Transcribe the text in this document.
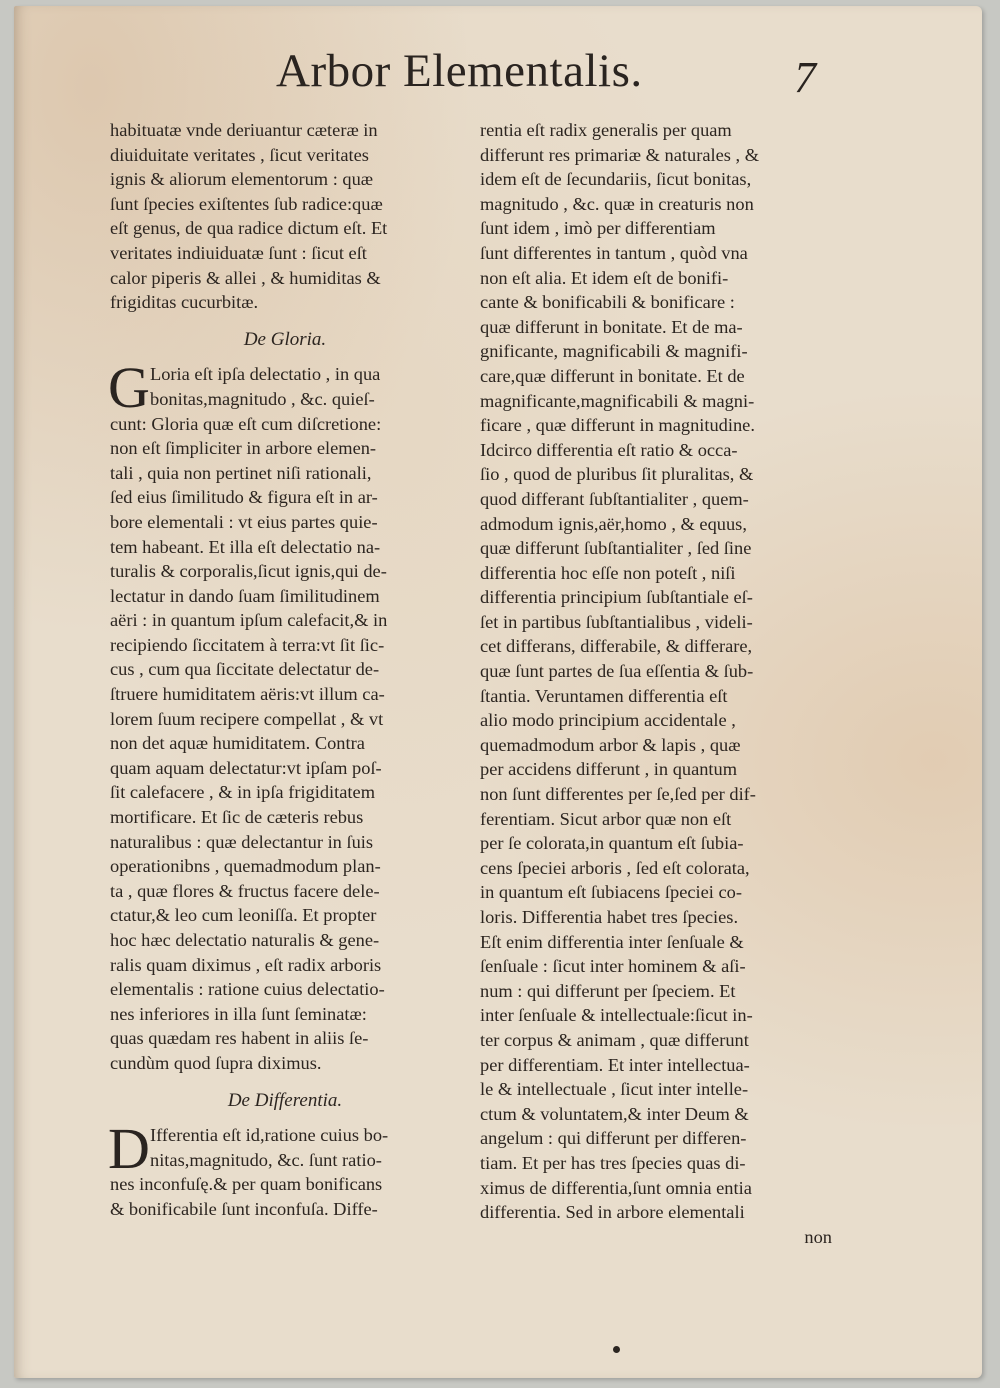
Arbor Elementalis.	7
habituatæ vnde deriuantur cæteræ in
diuiduitate veritates , ſicut veritates
ignis & aliorum elementorum : quæ
ſunt ſpecies exiſtentes ſub radice:quæ
eſt genus, de qua radice dictum eſt. Et
veritates indiuiduatæ ſunt : ſicut eſt
calor piperis & allei , & humiditas &
frigiditas cucurbitæ.
De Gloria.
G Loria eſt ipſa delectatio , in qua
bonitas,magnitudo , &c. quieſ-
cunt: Gloria quæ eſt cum diſcretione:
non eſt ſimpliciter in arbore elemen-
tali , quia non pertinet niſi rationali,
ſed eius ſimilitudo & figura eſt in ar-
bore elementali : vt eius partes quie-
tem habeant. Et illa eſt delectatio na-
turalis & corporalis,ſicut ignis,qui de-
lectatur in dando ſuam ſimilitudinem
aëri : in quantum ipſum calefacit,& in
recipiendo ſiccitatem à terra:vt ſit ſic-
cus , cum qua ſiccitate delectatur de-
ſtruere humiditatem aëris:vt illum ca-
lorem ſuum recipere compellat , & vt
non det aquæ humiditatem. Contra
quam aquam delectatur:vt ipſam poſ-
ſit calefacere , & in ipſa frigiditatem
mortificare. Et ſic de cæteris rebus
naturalibus : quæ delectantur in ſuis
operationibns , quemadmodum plan-
ta , quæ flores & fructus facere dele-
ctatur,& leo cum leoniſſa. Et propter
hoc hæc delectatio naturalis & gene-
ralis quam diximus , eſt radix arboris
elementalis : ratione cuius delectatio-
nes inferiores in illa ſunt ſeminatæ:
quas quædam res habent in aliis ſe-
cundùm quod ſupra diximus.
De Differentia.
D Ifferentia eſt id,ratione cuius bo-
nitas,magnitudo, &c. ſunt ratio-
nes inconfuſę.& per quam bonificans
& bonificabile ſunt inconfuſa. Diffe-
rentia eſt radix generalis per quam
differunt res primariæ & naturales , &
idem eſt de ſecundariis, ſicut bonitas,
magnitudo , &c. quæ in creaturis non
ſunt idem , imò per differentiam
ſunt differentes in tantum , quòd vna
non eſt alia. Et idem eſt de bonifi-
cante & bonificabili & bonificare :
quæ differunt in bonitate. Et de ma-
gnificante, magnificabili & magnifi-
care,quæ differunt in bonitate. Et de
magnificante,magnificabili & magni-
ficare , quæ differunt in magnitudine.
Idcirco differentia eſt ratio & occa-
ſio , quod de pluribus ſit pluralitas, &
quod differant ſubſtantialiter , quem-
admodum ignis,aër,homo , & equus,
quæ differunt ſubſtantialiter , ſed ſine
differentia hoc eſſe non poteſt , niſi
differentia principium ſubſtantiale eſ-
ſet in partibus ſubſtantialibus , videli-
cet differans, differabile, & differare,
quæ ſunt partes de ſua eſſentia & ſub-
ſtantia. Veruntamen differentia eſt
alio modo principium accidentale ,
quemadmodum arbor & lapis , quæ
per accidens differunt , in quantum
non ſunt differentes per ſe,ſed per dif-
ferentiam. Sicut arbor quæ non eſt
per ſe colorata,in quantum eſt ſubia-
cens ſpeciei arboris , ſed eſt colorata,
in quantum eſt ſubiacens ſpeciei co-
loris. Differentia habet tres ſpecies.
Eſt enim differentia inter ſenſuale &
ſenſuale : ſicut inter hominem & aſi-
num : qui differunt per ſpeciem. Et
inter ſenſuale & intellectuale:ſicut in-
ter corpus & animam , quæ differunt
per differentiam. Et inter intellectua-
le & intellectuale , ſicut inter intelle-
ctum & voluntatem,& inter Deum &
angelum : qui differunt per differen-
tiam. Et per has tres ſpecies quas di-
ximus de differentia,ſunt omnia entia
differentia. Sed in arbore elementali
non
